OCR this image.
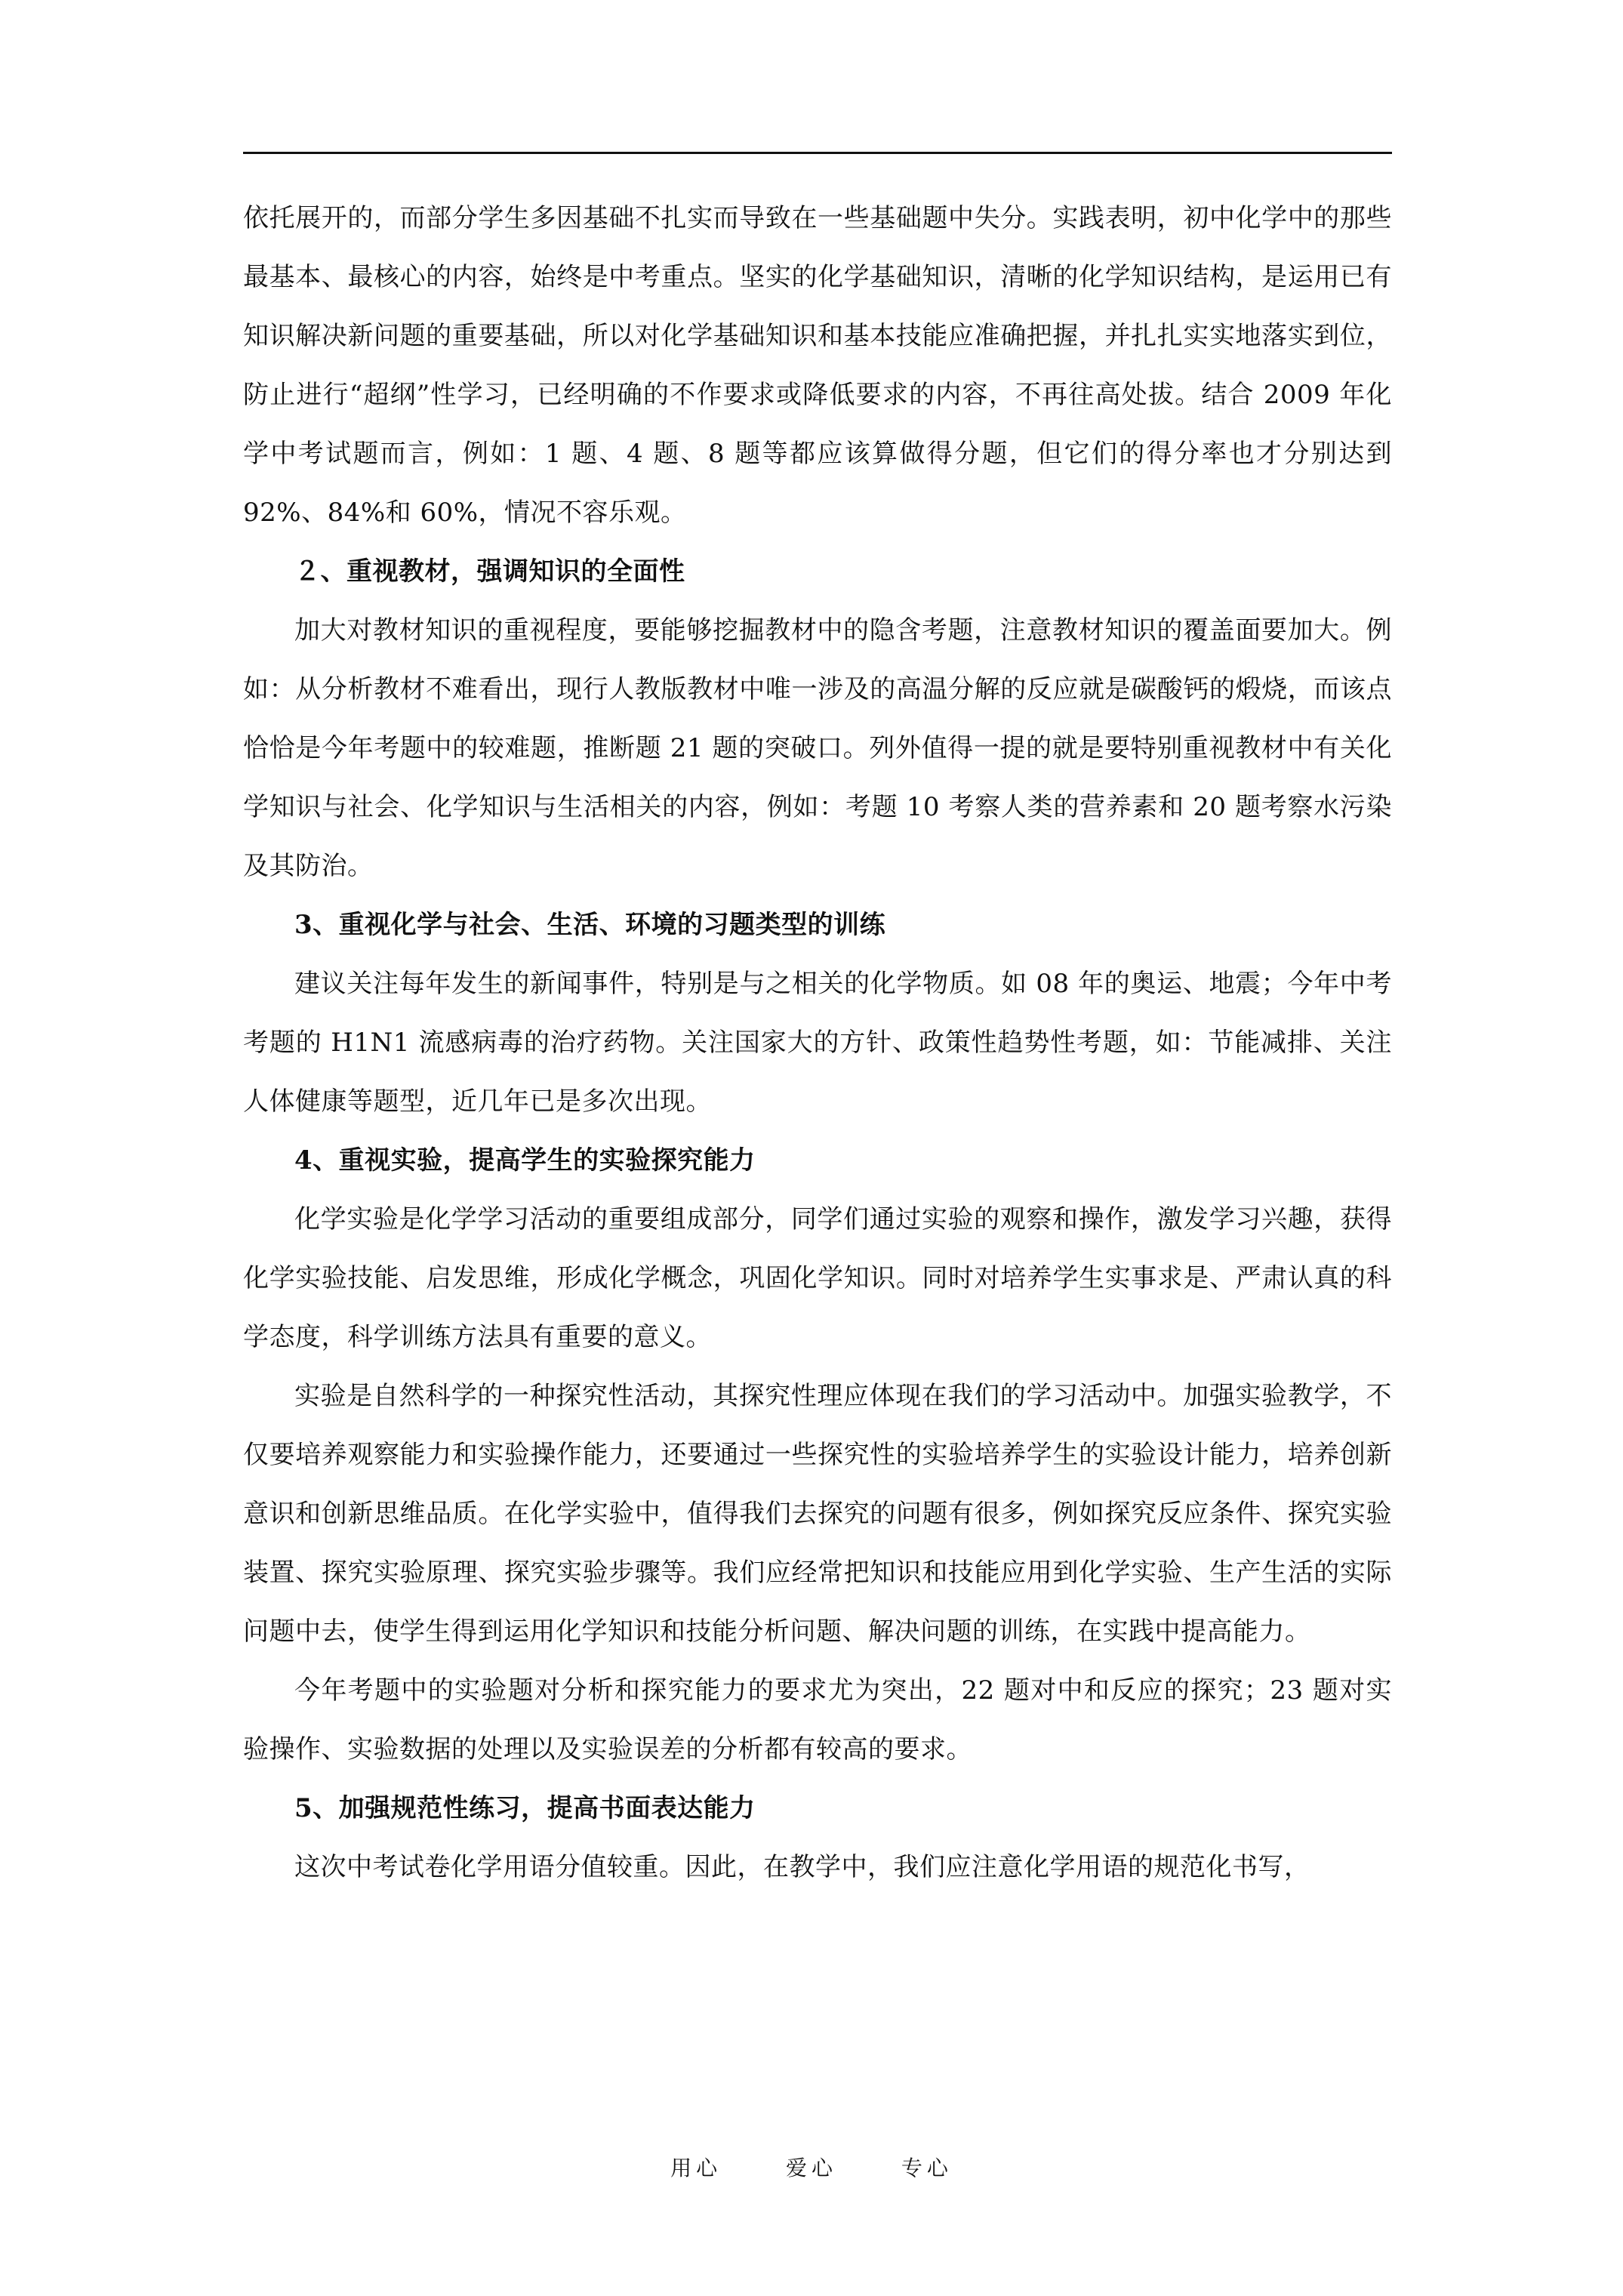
依托展开的，而部分学生多因基础不扎实而导致在一些基础题中失分。实践表明，初中化学中的那些最基本、最核心的内容，始终是中考重点。坚实的化学基础知识，清晰的化学知识结构，是运用已有知识解决新问题的重要基础，所以对化学基础知识和基本技能应准确把握，并扎扎实实地落实到位，防止进行“超纲”性学习，已经明确的不作要求或降低要求的内容，不再往高处拔。结合 2009 年化学中考试题而言，例如：1 题、4 题、8 题等都应该算做得分题，但它们的得分率也才分别达到 92%、84%和 60%，情况不容乐观。

２、重视教材，强调知识的全面性

加大对教材知识的重视程度，要能够挖掘教材中的隐含考题，注意教材知识的覆盖面要加大。例如：从分析教材不难看出，现行人教版教材中唯一涉及的高温分解的反应就是碳酸钙的煅烧，而该点恰恰是今年考题中的较难题，推断题 21 题的突破口。列外值得一提的就是要特别重视教材中有关化学知识与社会、化学知识与生活相关的内容，例如：考题 10 考察人类的营养素和 20 题考察水污染及其防治。

3、重视化学与社会、生活、环境的习题类型的训练

建议关注每年发生的新闻事件，特别是与之相关的化学物质。如 08 年的奥运、地震；今年中考考题的 H1N1 流感病毒的治疗药物。关注国家大的方针、政策性趋势性考题，如：节能减排、关注人体健康等题型，近几年已是多次出现。

4、重视实验，提高学生的实验探究能力

化学实验是化学学习活动的重要组成部分，同学们通过实验的观察和操作，激发学习兴趣，获得化学实验技能、启发思维，形成化学概念，巩固化学知识。同时对培养学生实事求是、严肃认真的科学态度，科学训练方法具有重要的意义。

实验是自然科学的一种探究性活动，其探究性理应体现在我们的学习活动中。加强实验教学，不仅要培养观察能力和实验操作能力，还要通过一些探究性的实验培养学生的实验设计能力，培养创新意识和创新思维品质。在化学实验中，值得我们去探究的问题有很多，例如探究反应条件、探究实验装置、探究实验原理、探究实验步骤等。我们应经常把知识和技能应用到化学实验、生产生活的实际问题中去，使学生得到运用化学知识和技能分析问题、解决问题的训练，在实践中提高能力。

今年考题中的实验题对分析和探究能力的要求尤为突出，22 题对中和反应的探究；23 题对实验操作、实验数据的处理以及实验误差的分析都有较高的要求。

5、加强规范性练习，提高书面表达能力

这次中考试卷化学用语分值较重。因此，在教学中，我们应注意化学用语的规范化书写，

用心	爱心	专心
